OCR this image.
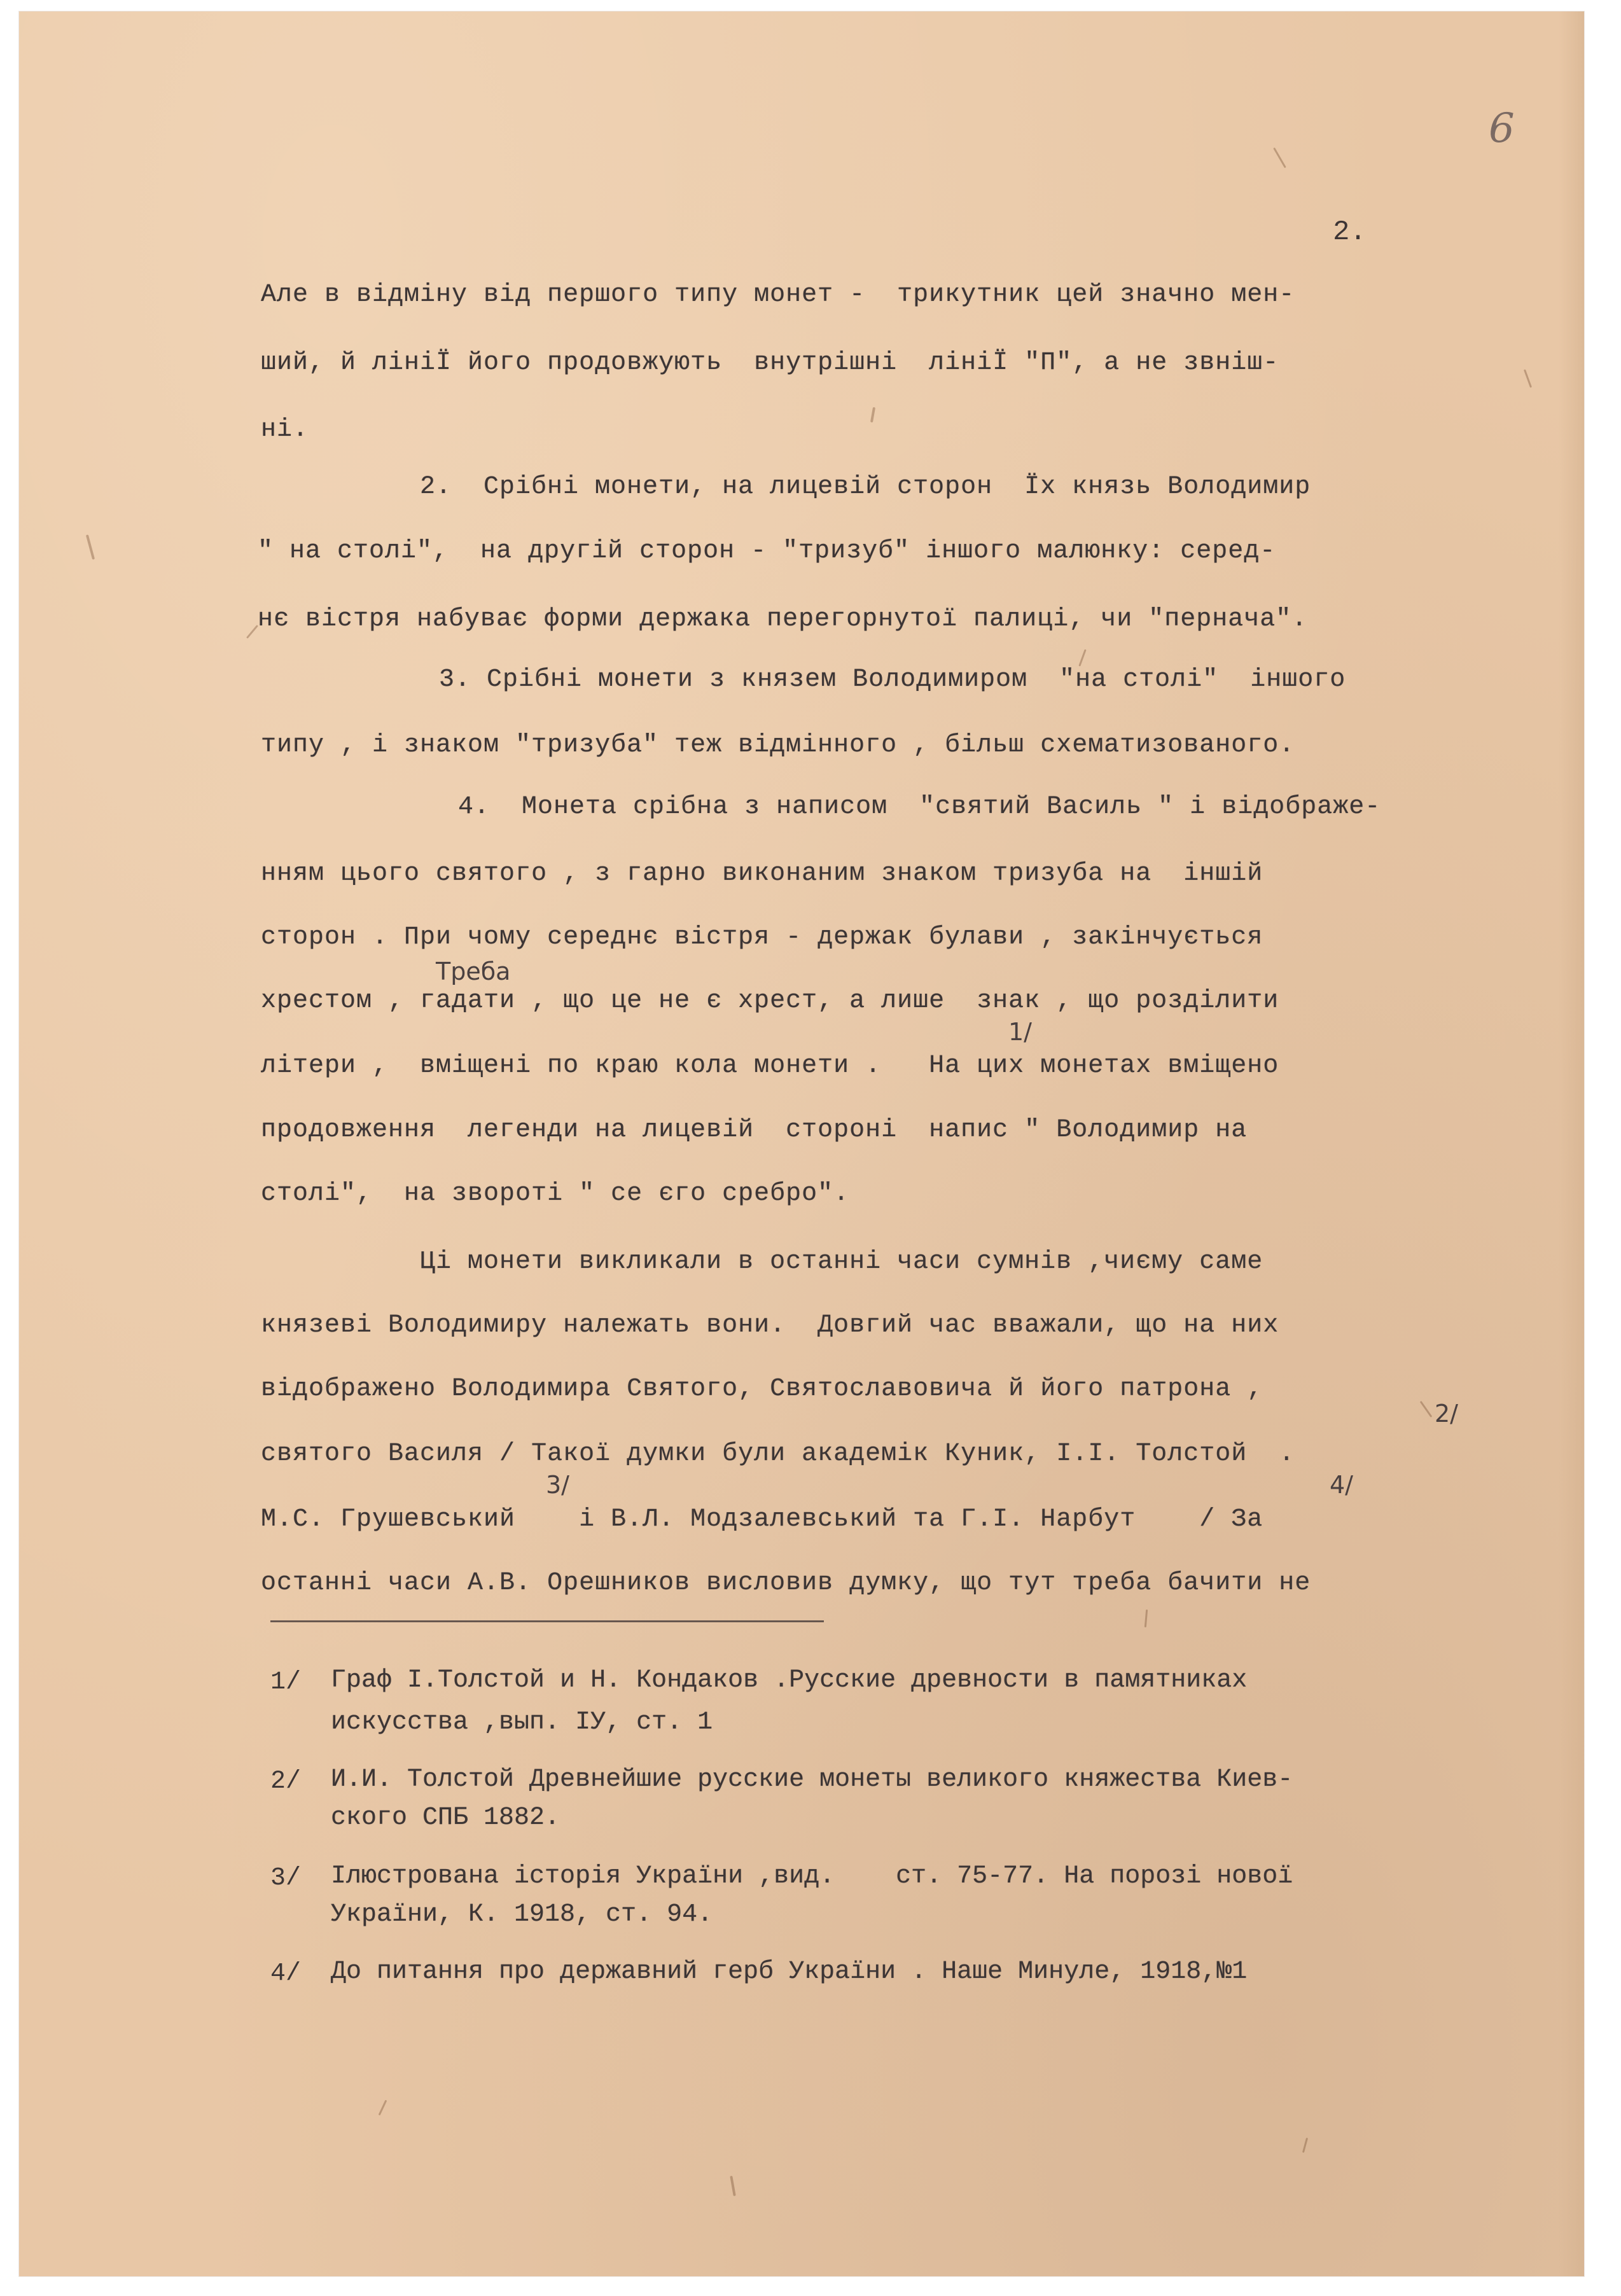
6
2.
Але в відміну від першого типу монет -  трикутник цей значно мен-
ший, й лініЇ його продовжують  внутрішні  лініЇ "П", а не звніш-
ні.
2.  Срібні монети, на лицевій сторон  Їх князь Володимир
" на столі",  на другій сторон - "тризуб" іншого малюнку: серед-
нє вістря набуває форми держака перегорнутої палиці, чи "пернача".
3. Срібні монети з князем Володимиром  "на столі"  іншого
типу , і знаком "тризуба" теж відмінного , більш схематизованого.
4.  Монета срібна з написом  "святий Василь " і відображе-
нням цього святого , з гарно виконаним знаком тризуба на  іншій
сторон . При чому середнє вістря - держак булави , закінчується
хрестом , гадати , що це не є хрест, а лише  знак , що розділити
літери ,  вміщені по краю кола монети .   На цих монетах вміщено
продовження  легенди на лицевій  стороні  напис " Володимир на
столі",  на звороті " се єго сребро".
Ці монети викликали в останні часи сумнів ,чиєму саме
князеві Володимиру належать вони.  Довгий час вважали, що на них
відображено Володимира Святого, Святославовича й його патрона ,
святого Василя / Такої думки були академік Куник, І.І. Толстой  .
М.С. Грушевський    і В.Л. Модзалевський та Г.І. Нарбут    / За
останні часи А.В. Орешников висловив думку, що тут треба бачити не
Треба
1/
2/
3/	4/
1/ Граф І.Толстой и Н. Кондаков .Русские древности в памятниках
искусства ,вып. ІУ, ст. 1
2/ И.И. Толстой Древнейшие русские монеты великого княжества Киев-
ского СПБ 1882.
3/ Ілюстрована історія України ,вид.    ст. 75-77. На порозі нової
України, К. 1918, ст. 94.
4/ До питання про державний герб України . Наше Минуле, 1918,№1
